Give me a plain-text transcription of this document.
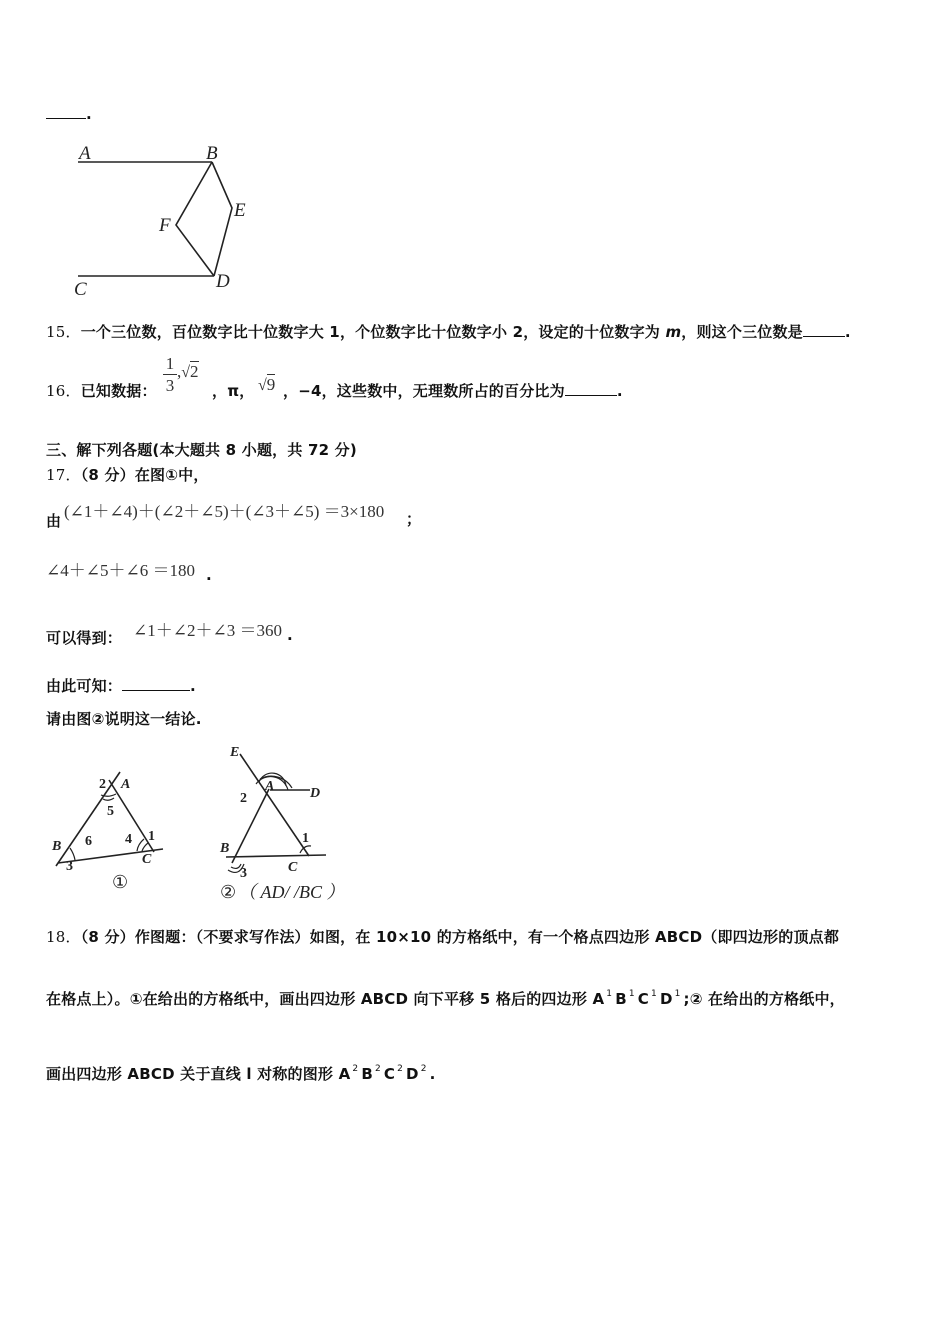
.
A	B
E
F
C	D
15．一个三位数，百位数字比十位数字大 1，个位数字比十位数字小 2，设定的十位数字为 m，则这个三位数是	.
16．已知数据：
1
3
,√2
，π， √9 ，−4，这些数中，无理数所占的百分比为	.
三、解下列各题(本大题共 8 小题，共 72 分)
17．（8 分）在图①中，
由 (∠1＋∠4)＋(∠2＋∠5)＋(∠3＋∠5) ＝3×180 ；
∠4＋∠5＋∠6 ＝180 .
可以得到： ∠1＋∠2＋∠3 ＝360 .
由此可知：	.
请由图②说明这一结论.
A
B
C
1
2
3
4
5
6
①
E
A	D
B
C
1
2
3
② （ AD/ /BC ）
18．（8 分）作图题：（不要求写作法）如图，在 10×10 的方格纸中，有一个格点四边形 ABCD（即四边形的顶点都
在格点上）。①在给出的方格纸中，画出四边形 ABCD 向下平移 5 格后的四边形 A $^1$ B $^1$ C $^1$ D $^1$ ;② 在给出的方格纸中，
画出四边形 ABCD 关于直线 l 对称的图形 A $^2$ B $^2$ C $^2$ D $^2$ .
